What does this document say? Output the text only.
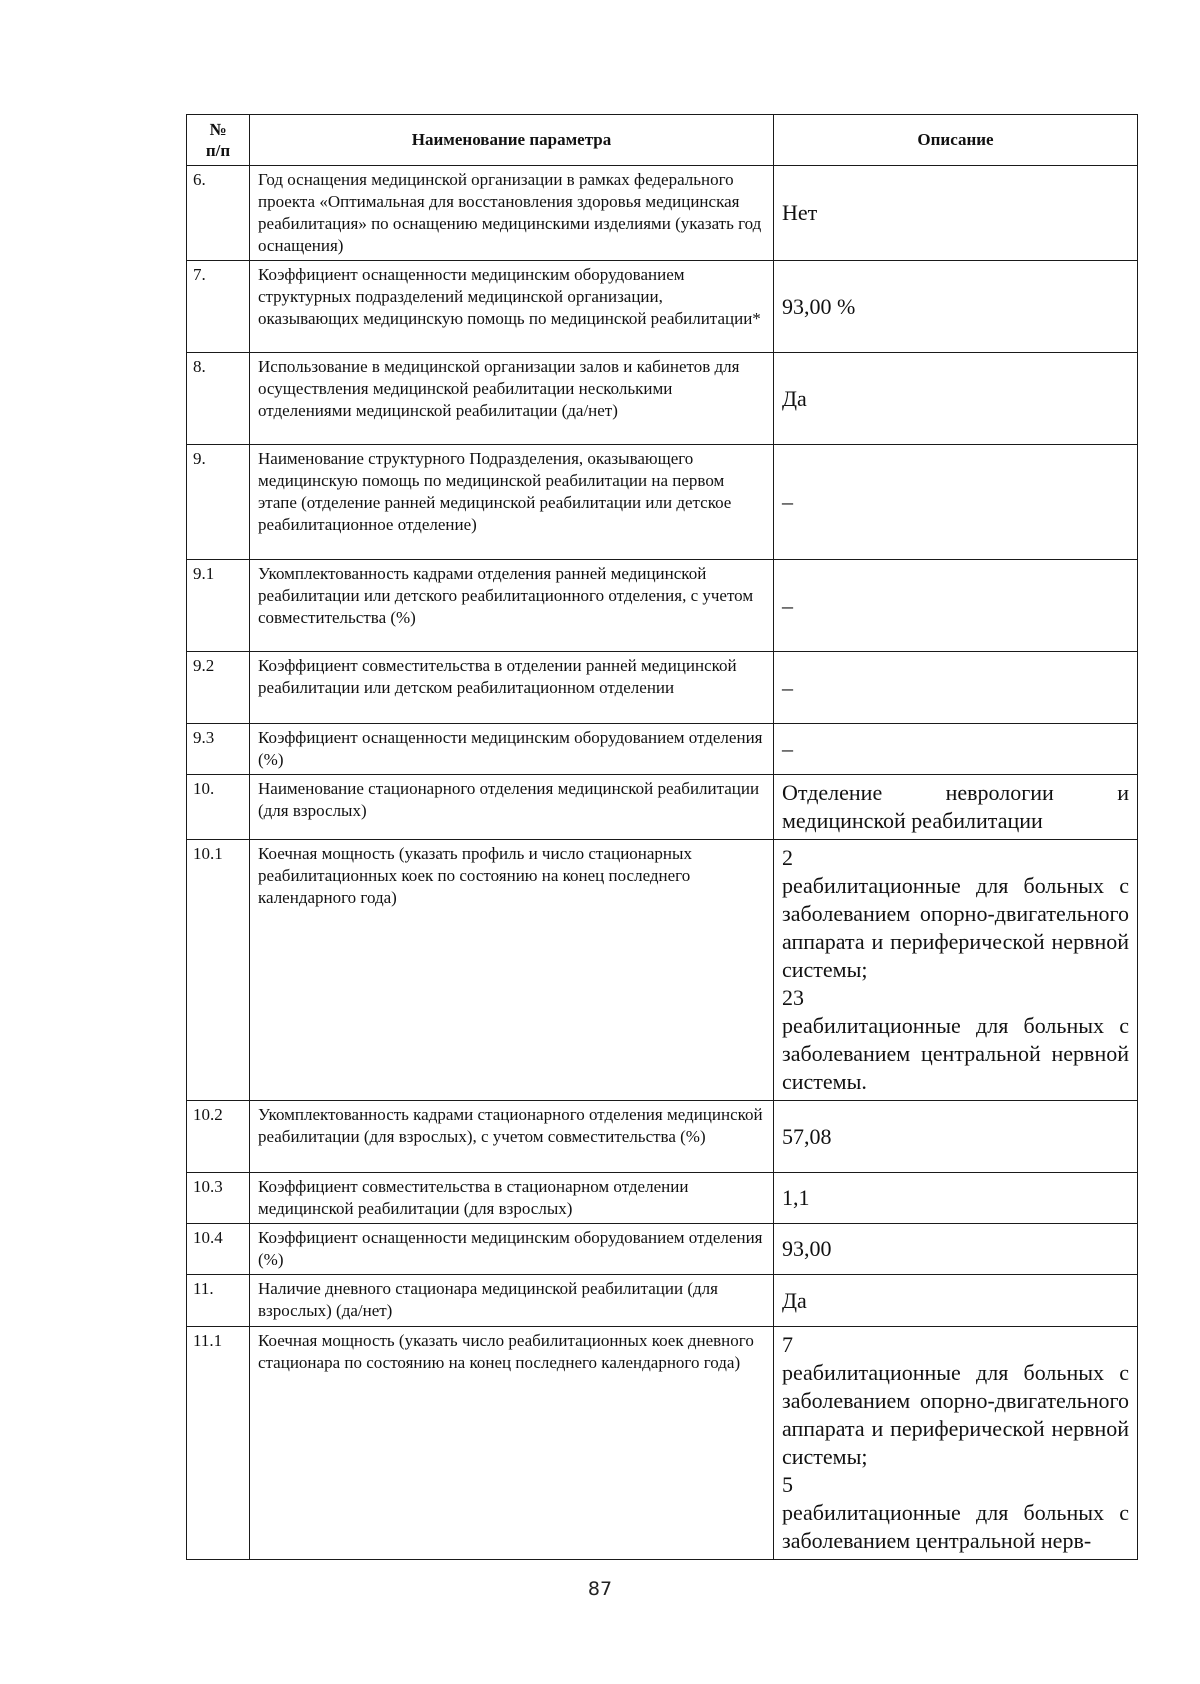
№
п/п	Наименование параметра	Описание
6.	Год оснащения медицинской организации в рамках федерального проекта «Оптимальная для восстановления здоровья медицинская реабилитация» по оснащению медицинскими изделиями (указать год оснащения)	Нет
7.	Коэффициент оснащенности медицинским оборудованием структурных подразделений медицинской организации, оказывающих медицинскую помощь по медицинской реабилитации*	93,00 %
8.	Использование в медицинской организации залов и кабинетов для осуществления медицинской реабилитации несколькими отделениями медицинской реабилитации (да/нет)	Да
9.	Наименование структурного Подразделения, оказывающего медицинскую помощь по медицинской реабилитации на первом этапе (отделение ранней медицинской реабилитации или детское реабилитационное отделение)	–
9.1	Укомплектованность кадрами отделения ранней медицинской реабилитации или детского реабилитационного отделения, с учетом совместительства (%)	–
9.2	Коэффициент совместительства в отделении ранней медицинской реабилитации или детском реабилитационном отделении	–
9.3	Коэффициент оснащенности медицинским оборудованием отделения (%)	–
10.	Наименование стационарного отделения медицинской реабилитации (для взрослых)	Отделение неврологии и медицинской реабилитации
10.1	Коечная мощность (указать профиль и число стационарных реабилитационных коек по состоянию на конец последнего календарного года)	2
реабилитационные для больных с заболеванием опорно-двигательного аппарата и периферической нервной системы;
23
реабилитационные для больных с заболеванием центральной нервной системы.

10.2	Укомплектованность кадрами стационарного отделения медицинской реабилитации (для взрослых), с учетом совместительства (%)	57,08
10.3	Коэффициент совместительства в стационарном отделении медицинской реабилитации (для взрослых)	1,1
10.4	Коэффициент оснащенности медицинским оборудованием отделения (%)	93,00
11.	Наличие дневного стационара медицинской реабилитации (для взрослых) (да/нет)	Да
11.1	Коечная мощность (указать число реабилитационных коек дневного стационара по состоянию на конец последнего календарного года)	7
реабилитационные для больных с заболеванием опорно-двигательного аппарата и периферической нервной системы;
5
реабилитационные для больных с заболеванием центральной нерв-
87
